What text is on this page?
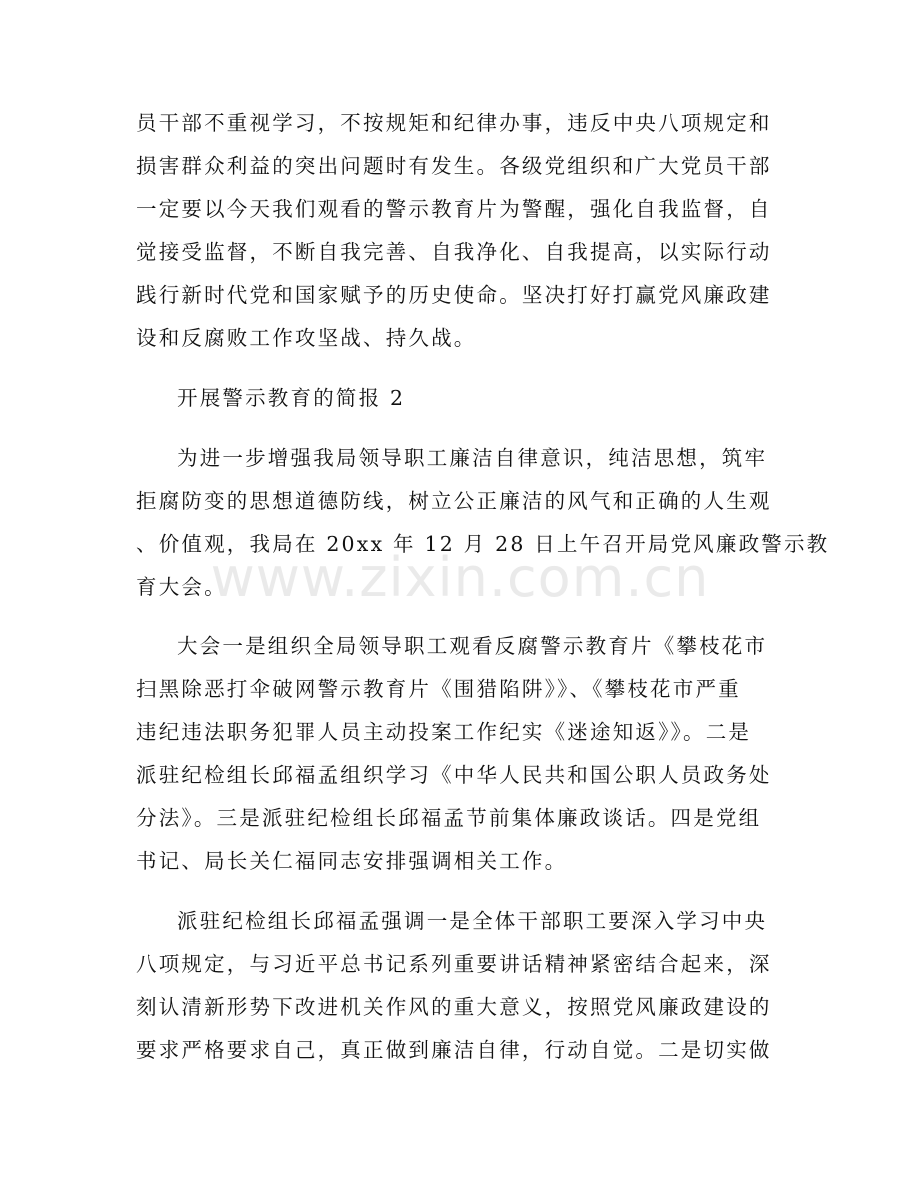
员干部不重视学习，不按规矩和纪律办事，违反中央八项规定和
损害群众利益的突出问题时有发生。各级党组织和广大党员干部
一定要以今天我们观看的警示教育片为警醒，强化自我监督，自
觉接受监督，不断自我完善、自我净化、自我提高，以实际行动
践行新时代党和国家赋予的历史使命。坚决打好打赢党风廉政建
设和反腐败工作攻坚战、持久战。
开展警示教育的简报 2
为进一步增强我局领导职工廉洁自律意识，纯洁思想，筑牢
拒腐防变的思想道德防线，树立公正廉洁的风气和正确的人生观
、价值观，我局在 20xx 年 12 月 28 日上午召开局党风廉政警示教
育大会。
大会一是组织全局领导职工观看反腐警示教育片《攀枝花市
扫黑除恶打伞破网警示教育片《围猎陷阱》》、《攀枝花市严重
违纪违法职务犯罪人员主动投案工作纪实《迷途知返》》。二是
派驻纪检组长邱福孟组织学习《中华人民共和国公职人员政务处
分法》。三是派驻纪检组长邱福孟节前集体廉政谈话。四是党组
书记、局长关仁福同志安排强调相关工作。
派驻纪检组长邱福孟强调一是全体干部职工要深入学习中央
八项规定，与习近平总书记系列重要讲话精神紧密结合起来，深
刻认清新形势下改进机关作风的重大意义，按照党风廉政建设的
要求严格要求自己，真正做到廉洁自律，行动自觉。二是切实做
www.zixin.com.cn
